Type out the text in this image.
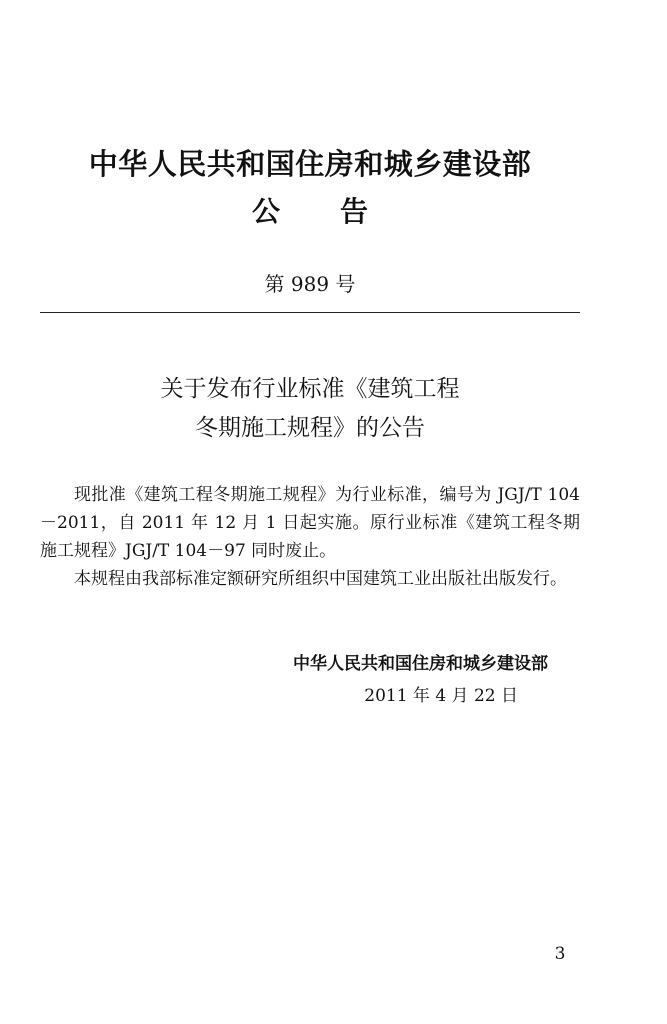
中华人民共和国住房和城乡建设部
公告
第 989 号
关于发布行业标准《建筑工程
冬期施工规程》的公告

现批准《建筑工程冬期施工规程》为行业标准，编号为 JGJ/T 104－2011，自 2011 年 12 月 1 日起实施。原行业标准《建筑工程冬期施工规程》JGJ/T 104－97 同时废止。

本规程由我部标准定额研究所组织中国建筑工业出版社出版发行。

中华人民共和国住房和城乡建设部
2011 年 4 月 22 日
3
